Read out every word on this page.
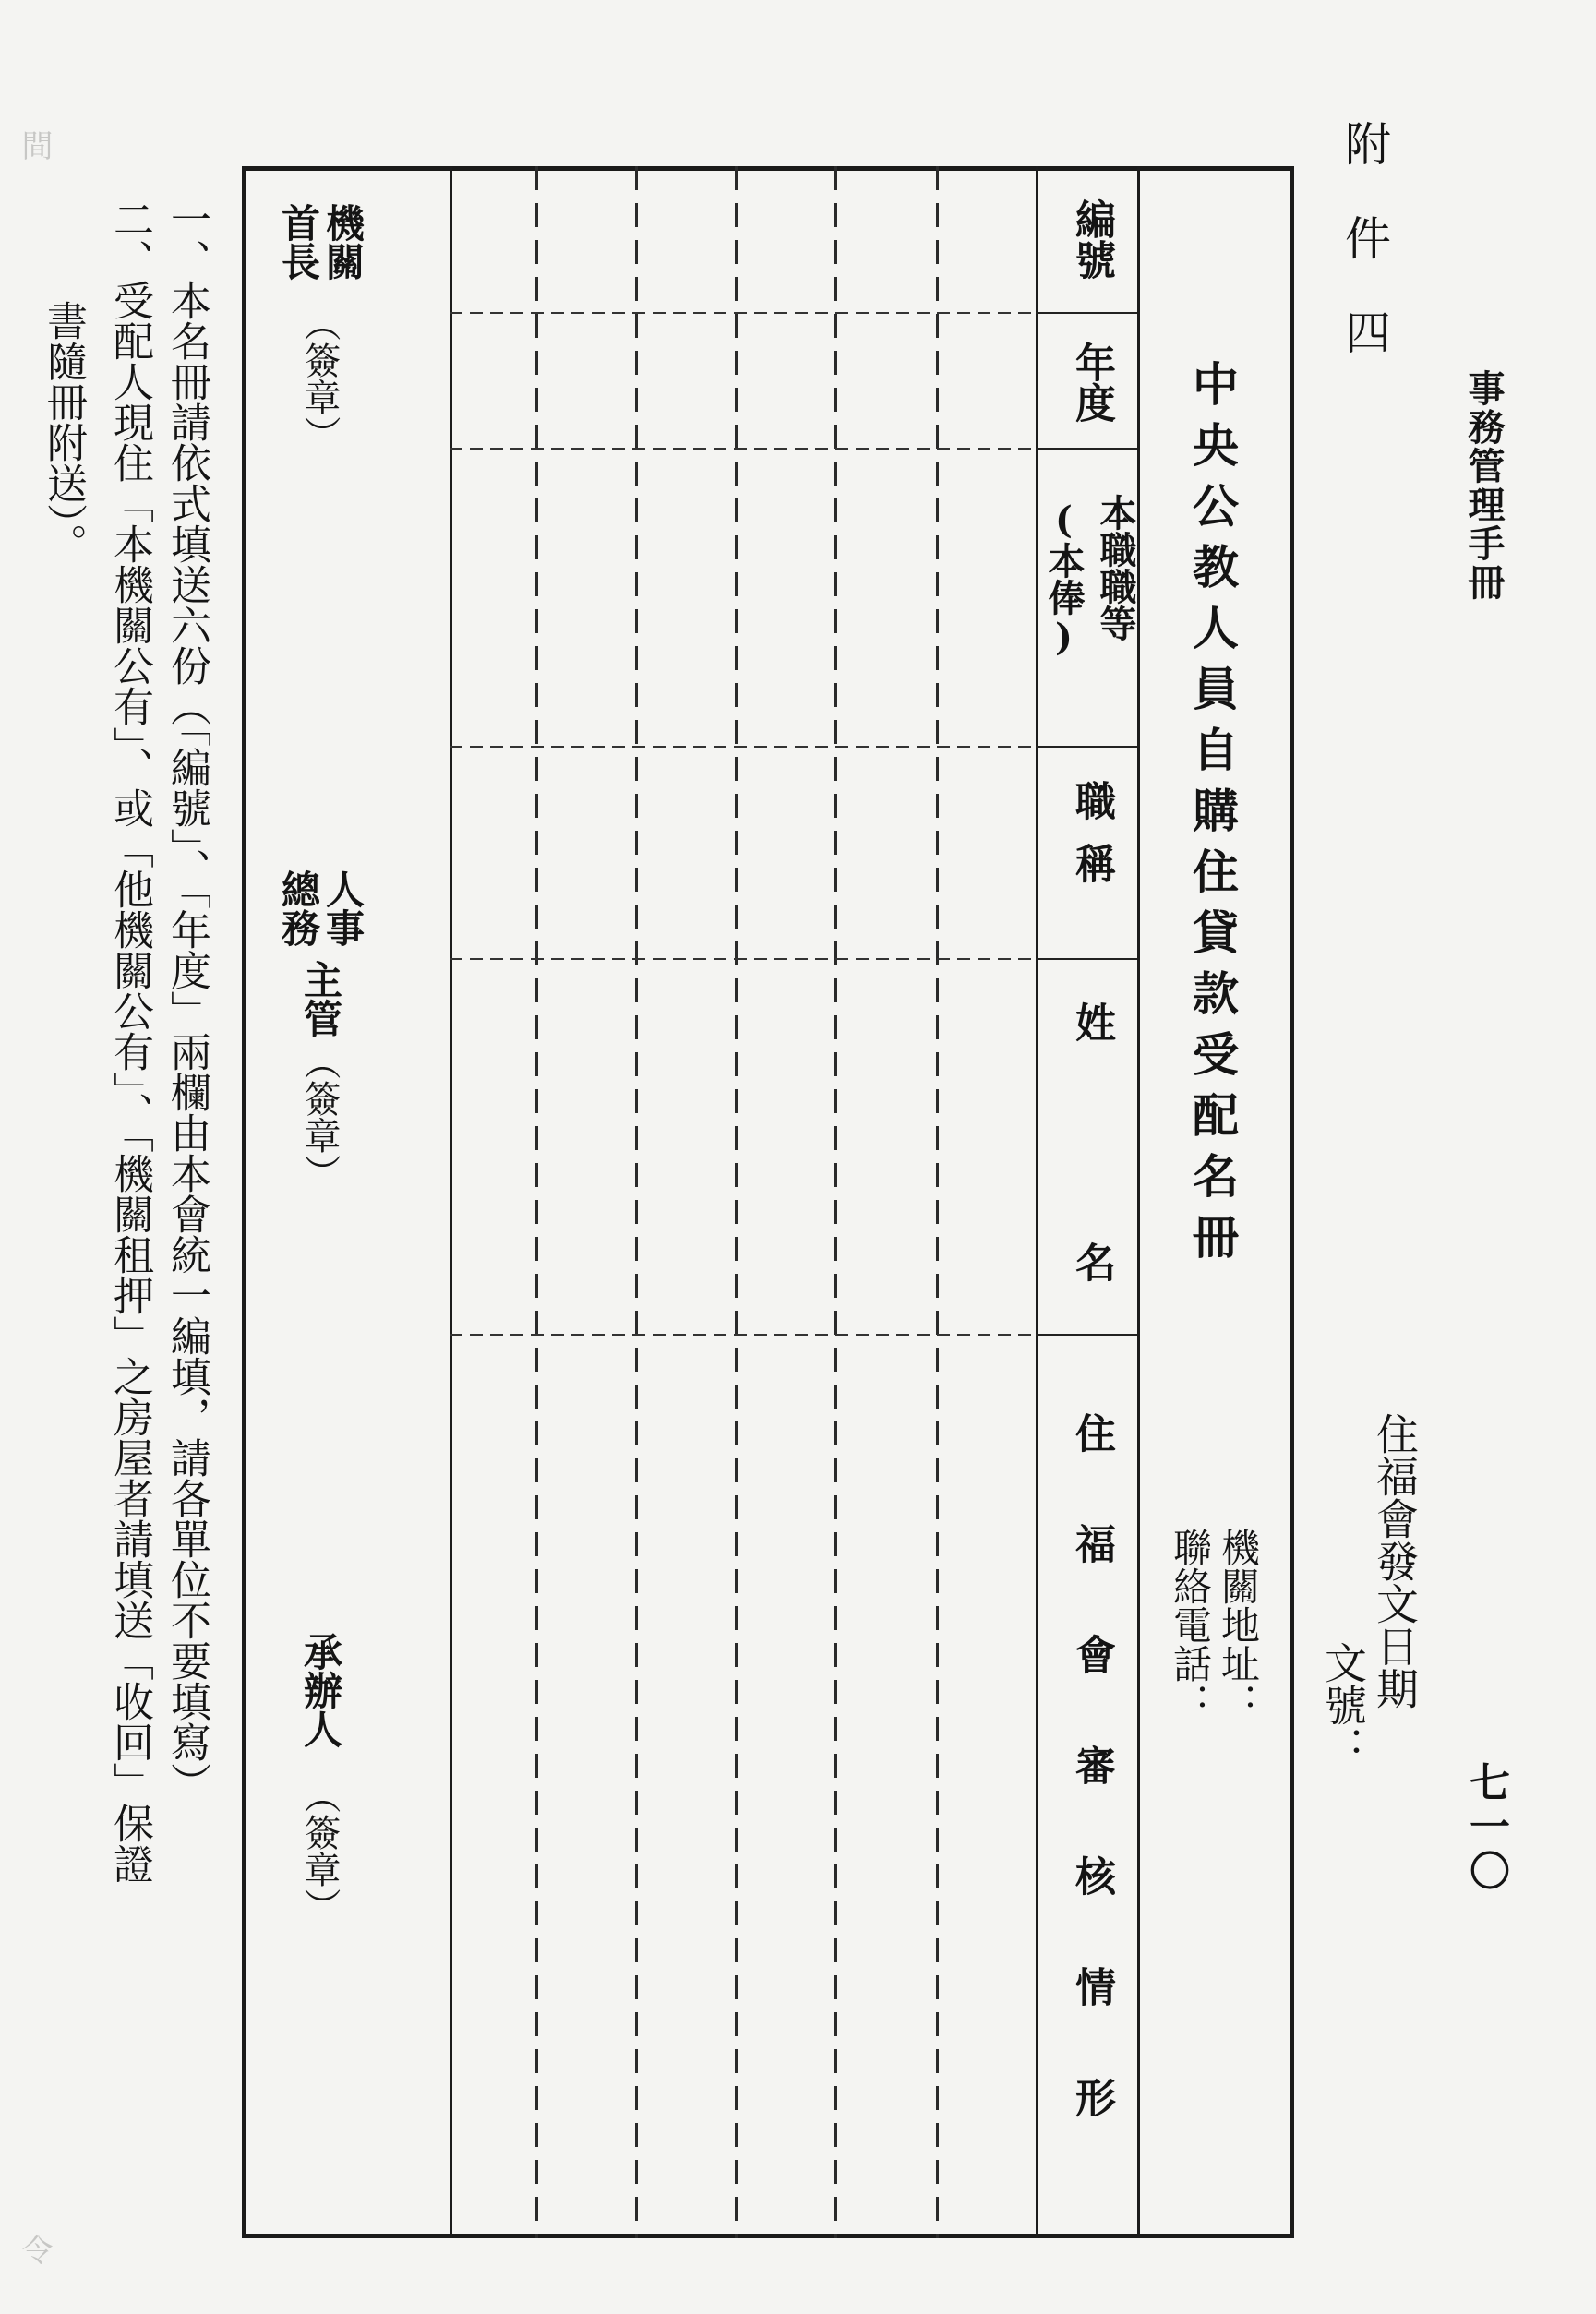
間
令
事務管理手冊
七一〇
附件四
住福會發文日期
文號：
中央公教人員自購住貸款受配名冊
機關地址：
聯絡電話：
編號
年度
本職職等
(本俸)
職稱
姓
名
住福會審核情形
機關
首長
（簽章）
人事
總務
主管
（簽章）
承辦人
（簽章）
一、本名冊請依式填送六份（「編號」、「年度」兩欄由本會統一編填，請各單位不要填寫）
二、受配人現住「本機關公有」、或「他機關公有」、「機關租押」之房屋者請填送「收回」保證
書隨冊附送）。
